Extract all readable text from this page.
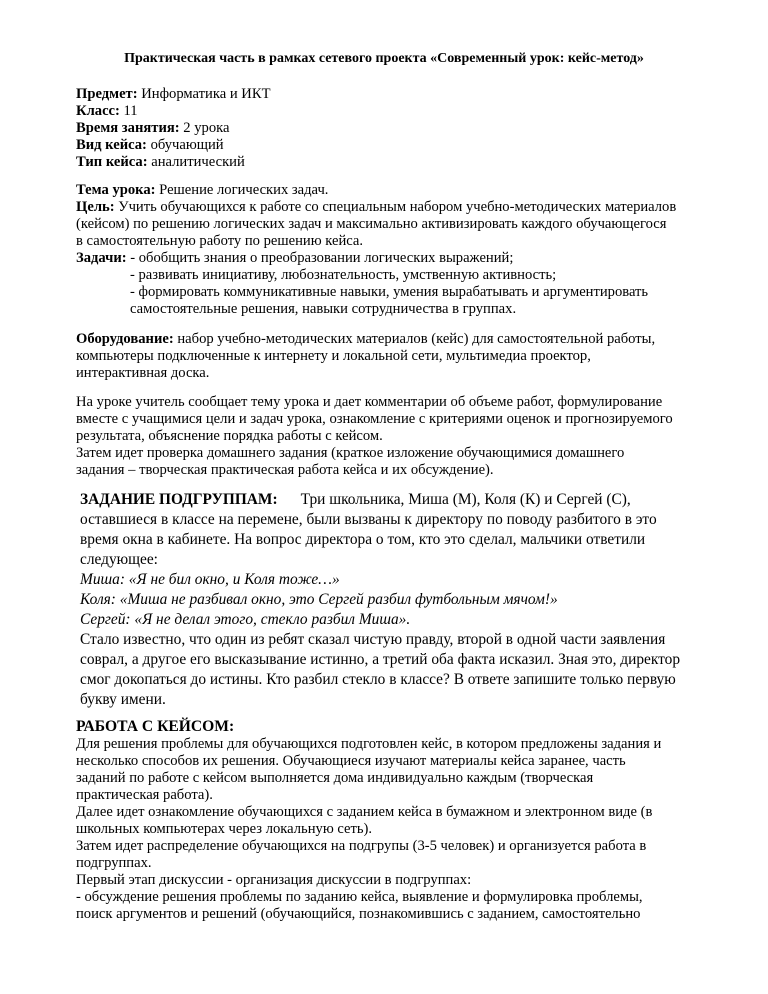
Практическая часть в рамках сетевого проекта «Современный урок: кейс-метод»
Предмет: Информатика и ИКТ
Класс: 11
Время занятия: 2 урока
Вид кейса: обучающий
Тип кейса: аналитический
Тема урока: Решение логических задач.
Цель: Учить обучающихся к работе со специальным набором учебно-методических материалов
(кейсом) по решению логических задач и максимально активизировать каждого обучающегося
в самостоятельную работу по решению кейса.
Задачи: - обобщить знания о преобразовании логических выражений;
- развивать инициативу, любознательность, умственную активность;
- формировать коммуникативные навыки, умения вырабатывать и аргументировать
самостоятельные решения, навыки сотрудничества в группах.
Оборудование: набор учебно-методических материалов (кейс) для самостоятельной работы,
компьютеры подключенные к интернету и локальной сети, мультимедиа проектор,
интерактивная доска.
На уроке учитель сообщает тему урока и дает комментарии об объеме работ, формулирование
вместе с учащимися цели и задач урока, ознакомление с критериями оценок и прогнозируемого
результата, объяснение порядка работы с кейсом.
Затем идет проверка домашнего задания (краткое изложение обучающимися домашнего
задания – творческая практическая работа кейса и их обсуждение).
ЗАДАНИЕ ПОДГРУППАМ:      Три школьника, Миша (М), Коля (К) и Сергей (С),
оставшиеся в классе на перемене, были вызваны к директору по поводу разбитого в это
время окна в кабинете. На вопрос директора о том, кто это сделал, мальчики ответили
следующее:
Миша: «Я не бил окно, и Коля тоже…»
Коля: «Миша не разбивал окно, это Сергей разбил футбольным мячом!»
Сергей: «Я не делал этого, стекло разбил Миша».
Стало известно, что один из ребят сказал чистую правду, второй в одной части заявления
соврал, а другое его высказывание истинно, а третий оба факта исказил. Зная это, директор
смог докопаться до истины. Кто разбил стекло в классе? В ответе запишите только первую
букву имени.
РАБОТА С КЕЙСОМ:
Для решения проблемы для обучающихся подготовлен кейс, в котором предложены задания и
несколько способов их решения. Обучающиеся изучают материалы кейса заранее, часть
заданий по работе с кейсом выполняется дома индивидуально каждым (творческая
практическая работа).
Далее идет ознакомление обучающихся с заданием кейса в бумажном и электронном виде (в
школьных компьютерах через локальную сеть).
Затем идет распределение обучающихся на подгрупы (3-5 человек) и организуется работа в
подгруппах.
Первый этап дискуссии - организация дискуссии в подгруппах:
- обсуждение решения проблемы по заданию кейса, выявление и формулировка проблемы,
поиск аргументов и решений (обучающийся, познакомившись с заданием, самостоятельно
